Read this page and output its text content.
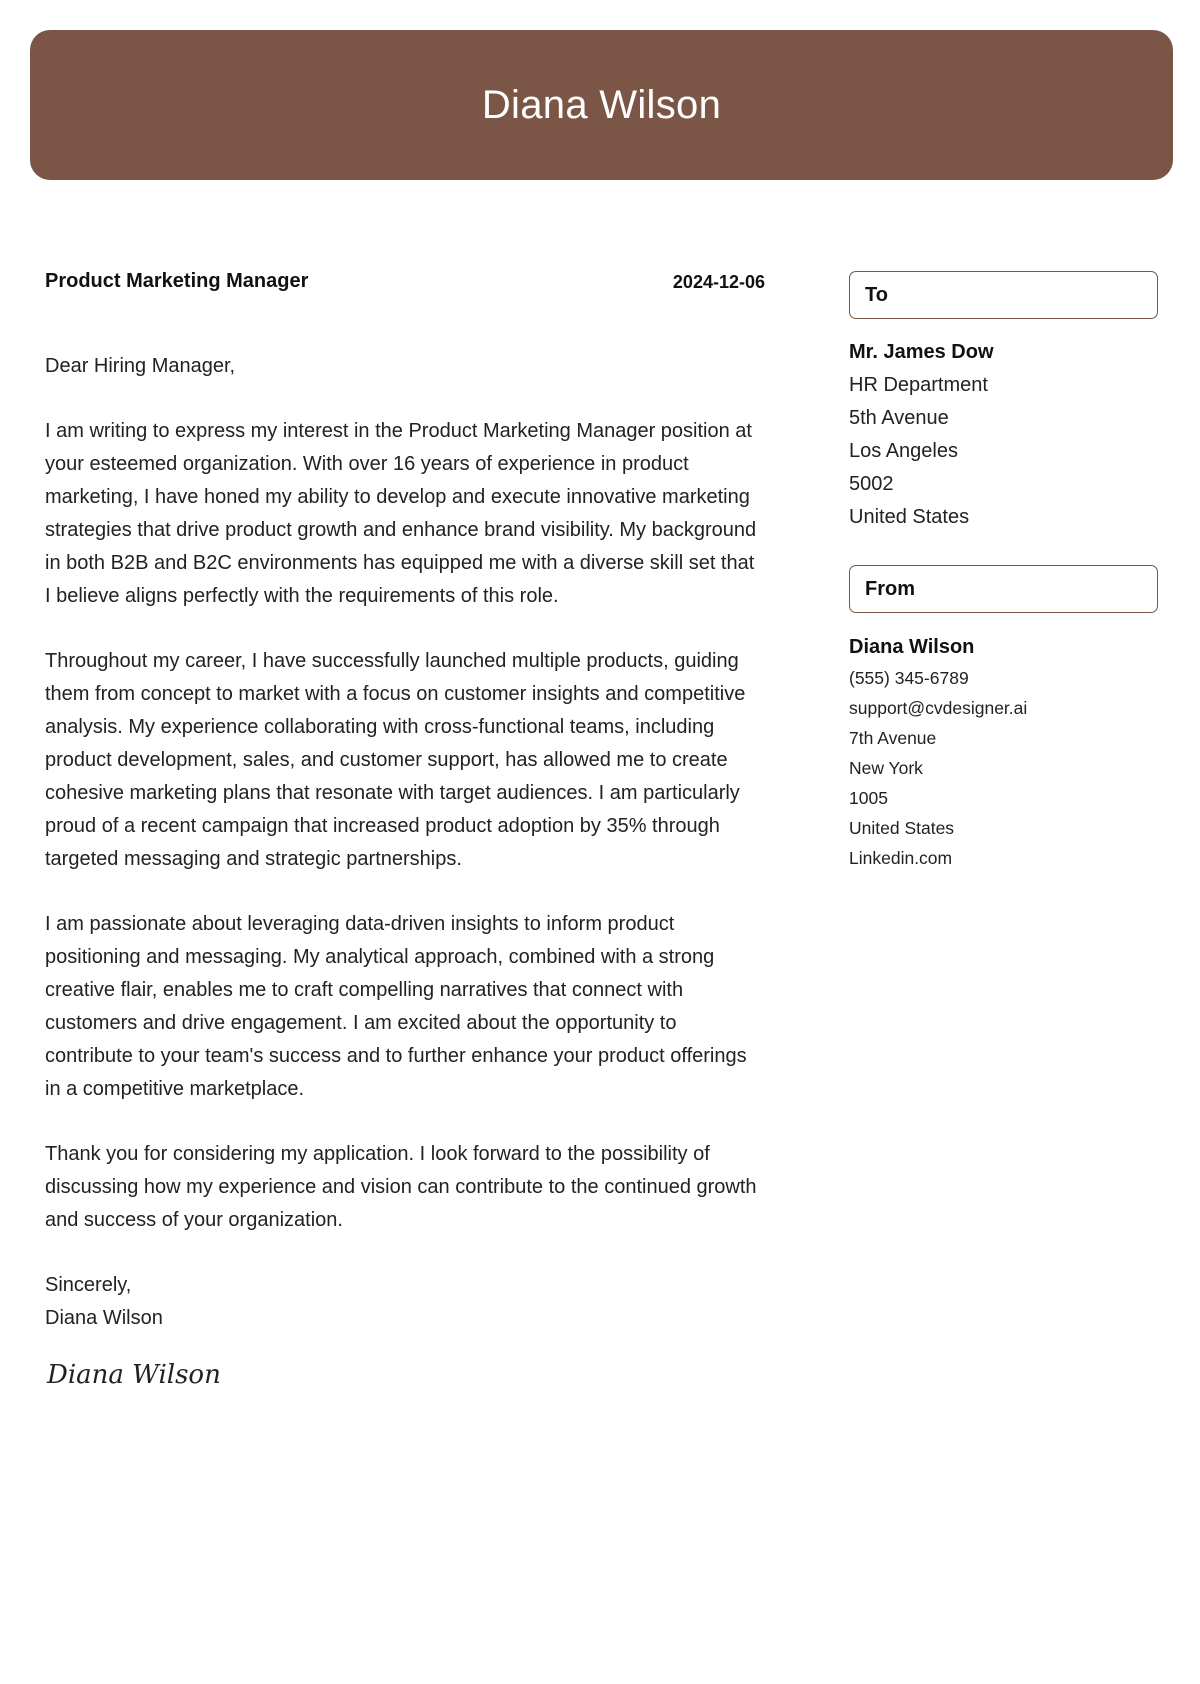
Diana Wilson
Product Marketing Manager	2024-12-06

Dear Hiring Manager,

I am writing to express my interest in the Product Marketing Manager position at your esteemed organization. With over 16 years of experience in product marketing, I have honed my ability to develop and execute innovative marketing strategies that drive product growth and enhance brand visibility. My background in both B2B and B2C environments has equipped me with a diverse skill set that I believe aligns perfectly with the requirements of this role.

Throughout my career, I have successfully launched multiple products, guiding them from concept to market with a focus on customer insights and competitive analysis. My experience collaborating with cross-functional teams, including product development, sales, and customer support, has allowed me to create cohesive marketing plans that resonate with target audiences. I am particularly proud of a recent campaign that increased product adoption by 35% through targeted messaging and strategic partnerships.

I am passionate about leveraging data-driven insights to inform product positioning and messaging. My analytical approach, combined with a strong creative flair, enables me to craft compelling narratives that connect with customers and drive engagement. I am excited about the opportunity to contribute to your team's success and to further enhance your product offerings in a competitive marketplace.

Thank you for considering my application. I look forward to the possibility of discussing how my experience and vision can contribute to the continued growth and success of your organization.

Sincerely,
Diana Wilson
Diana Wilson
To
Mr. James Dow
HR Department
5th Avenue
Los Angeles
5002
United States
From
Diana Wilson
(555) 345-6789
support@cvdesigner.ai
7th Avenue
New York
1005
United States
Linkedin.com
